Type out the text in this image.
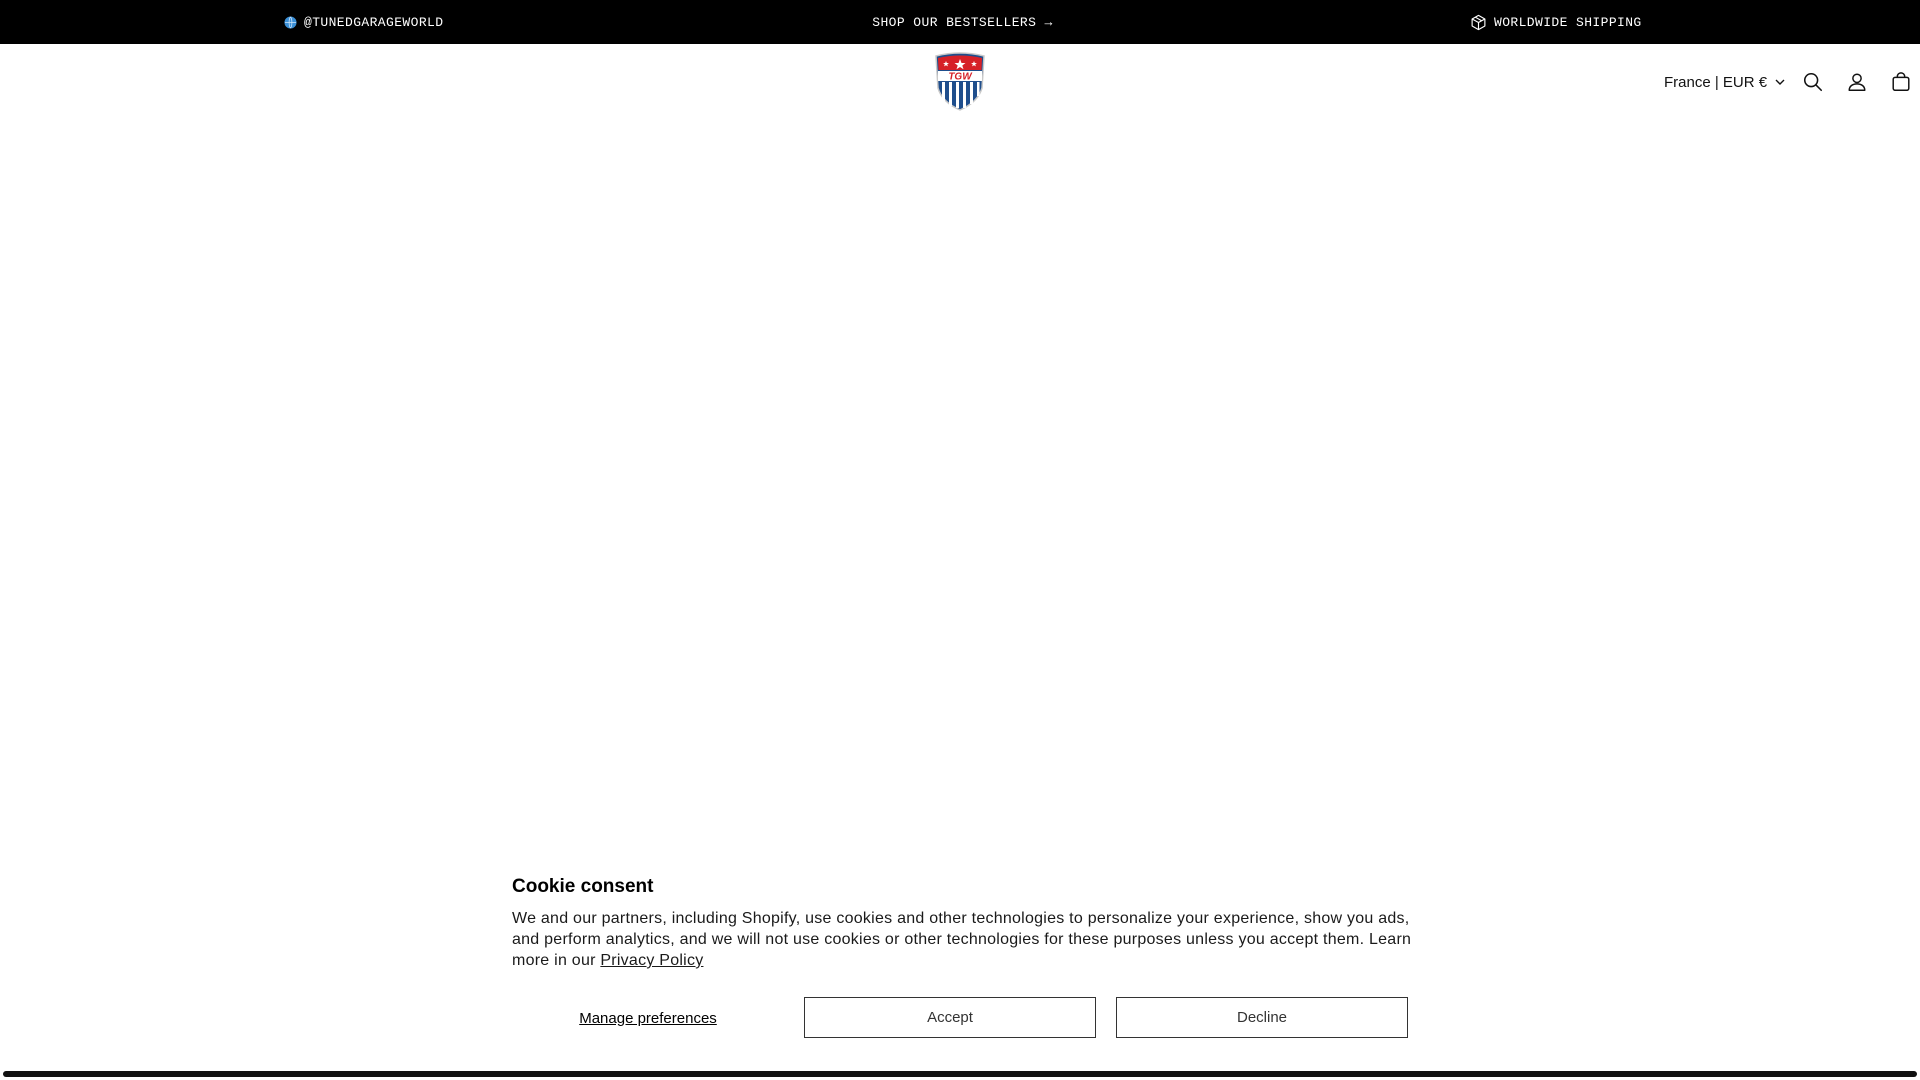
@TUNEDGARAGEWORLD	SHOP OUR BESTSELLERS →	WORLDWIDE SHIPPING
TGW	France | EUR €
Cookie consent

We and our partners, including Shopify, use cookies and other technologies to personalize your experience, show you ads, and perform analytics, and we will not use cookies or other technologies for these purposes unless you accept them. Learn more in our Privacy Policy

Manage preferences	Accept	Decline
